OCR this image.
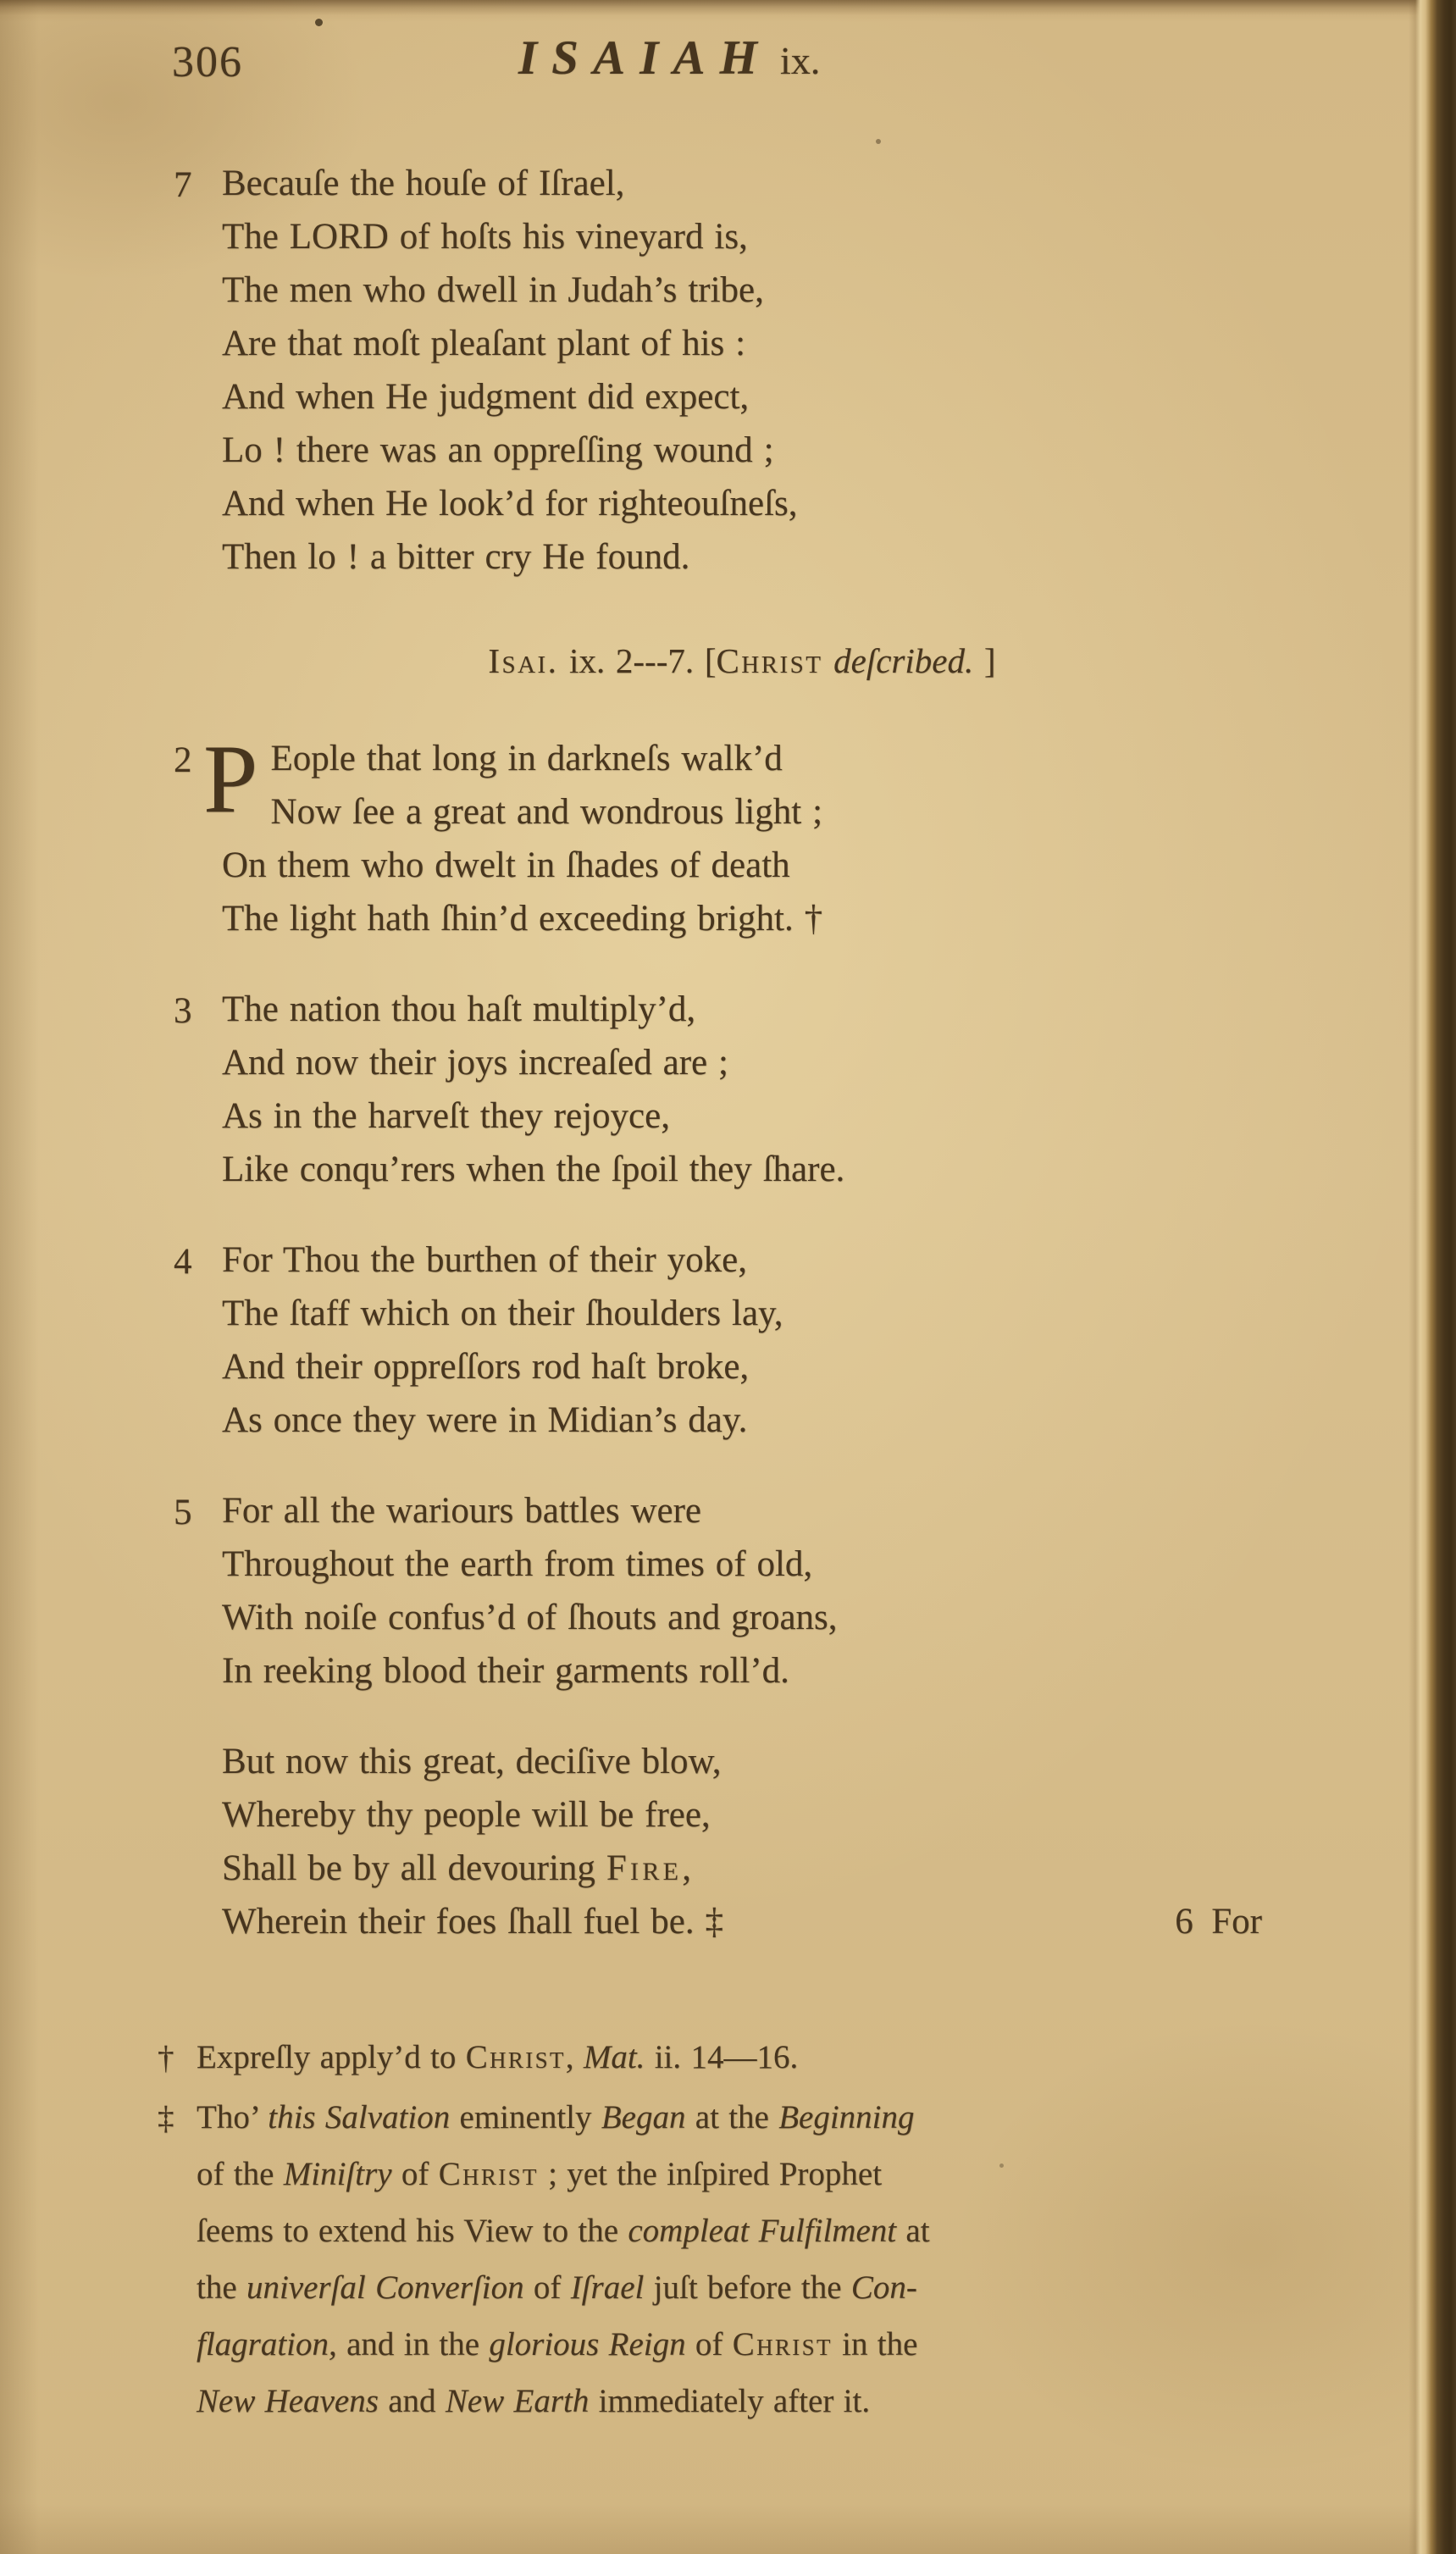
306	ISAIAH ix.
7 Becauſe the houſe of Iſrael,
The LORD of hoſts his vineyard is,
The men who dwell in Judah’s tribe,
Are that moſt pleaſant plant of his :
And when He judgment did expect,
Lo ! there was an oppreſſing wound ;
And when He look’d for righteouſneſs,
Then lo ! a bitter cry He found.
Isai. ix. 2---7. [Christ deſcribed. ]
2 P Eople that long in darkneſs walk’d
Now ſee a great and wondrous light ;
On them who dwelt in ſhades of death
The light hath ſhin’d exceeding bright. †
3 The nation thou haſt multiply’d,
And now their joys increaſed are ;
As in the harveſt they rejoyce,
Like conqu’rers when the ſpoil they ſhare.
4 For Thou the burthen of their yoke,
The ſtaff which on their ſhoulders lay,
And their oppreſſors rod haſt broke,
As once they were in Midian’s day.
5 For all the wariours battles were
Throughout the earth from times of old,
With noiſe confus’d of ſhouts and groans,
In reeking blood their garments roll’d.
But now this great, deciſive blow,
Whereby thy people will be free,
Shall be by all devouring Fire,
Wherein their foes ſhall fuel be. ‡	6 For
† Expreſly apply’d to Christ, Mat. ii. 14—16.
‡ Tho’ this Salvation eminently Began at the Beginning
of the Miniſtry of Christ ; yet the inſpired Prophet
ſeems to extend his View to the compleat Fulfilment at
the univerſal Converſion of Iſrael juſt before the Con-
flagration, and in the glorious Reign of Christ in the
New Heavens and New Earth immediately after it.
